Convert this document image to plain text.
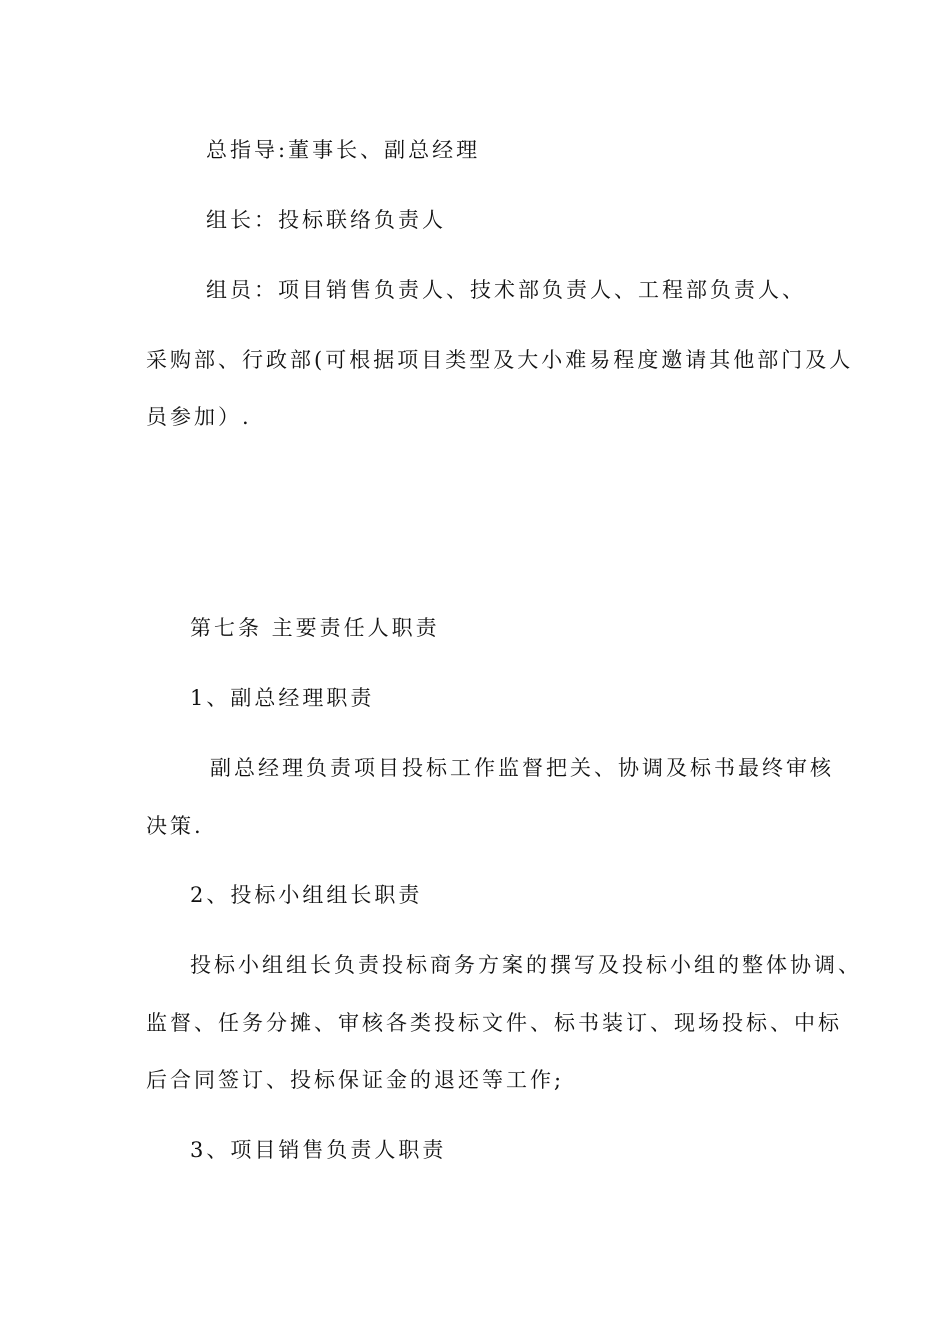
总指导:董事长、副总经理
组长：投标联络负责人
组员：项目销售负责人、技术部负责人、工程部负责人、
采购部、行政部(可根据项目类型及大小难易程度邀请其他部门及人
员参加）.
第七条 主要责任人职责
1、副总经理职责
副总经理负责项目投标工作监督把关、协调及标书最终审核
决策.
2、投标小组组长职责
投标小组组长负责投标商务方案的撰写及投标小组的整体协调、
监督、任务分摊、审核各类投标文件、标书装订、现场投标、中标
后合同签订、投标保证金的退还等工作;
3、项目销售负责人职责
